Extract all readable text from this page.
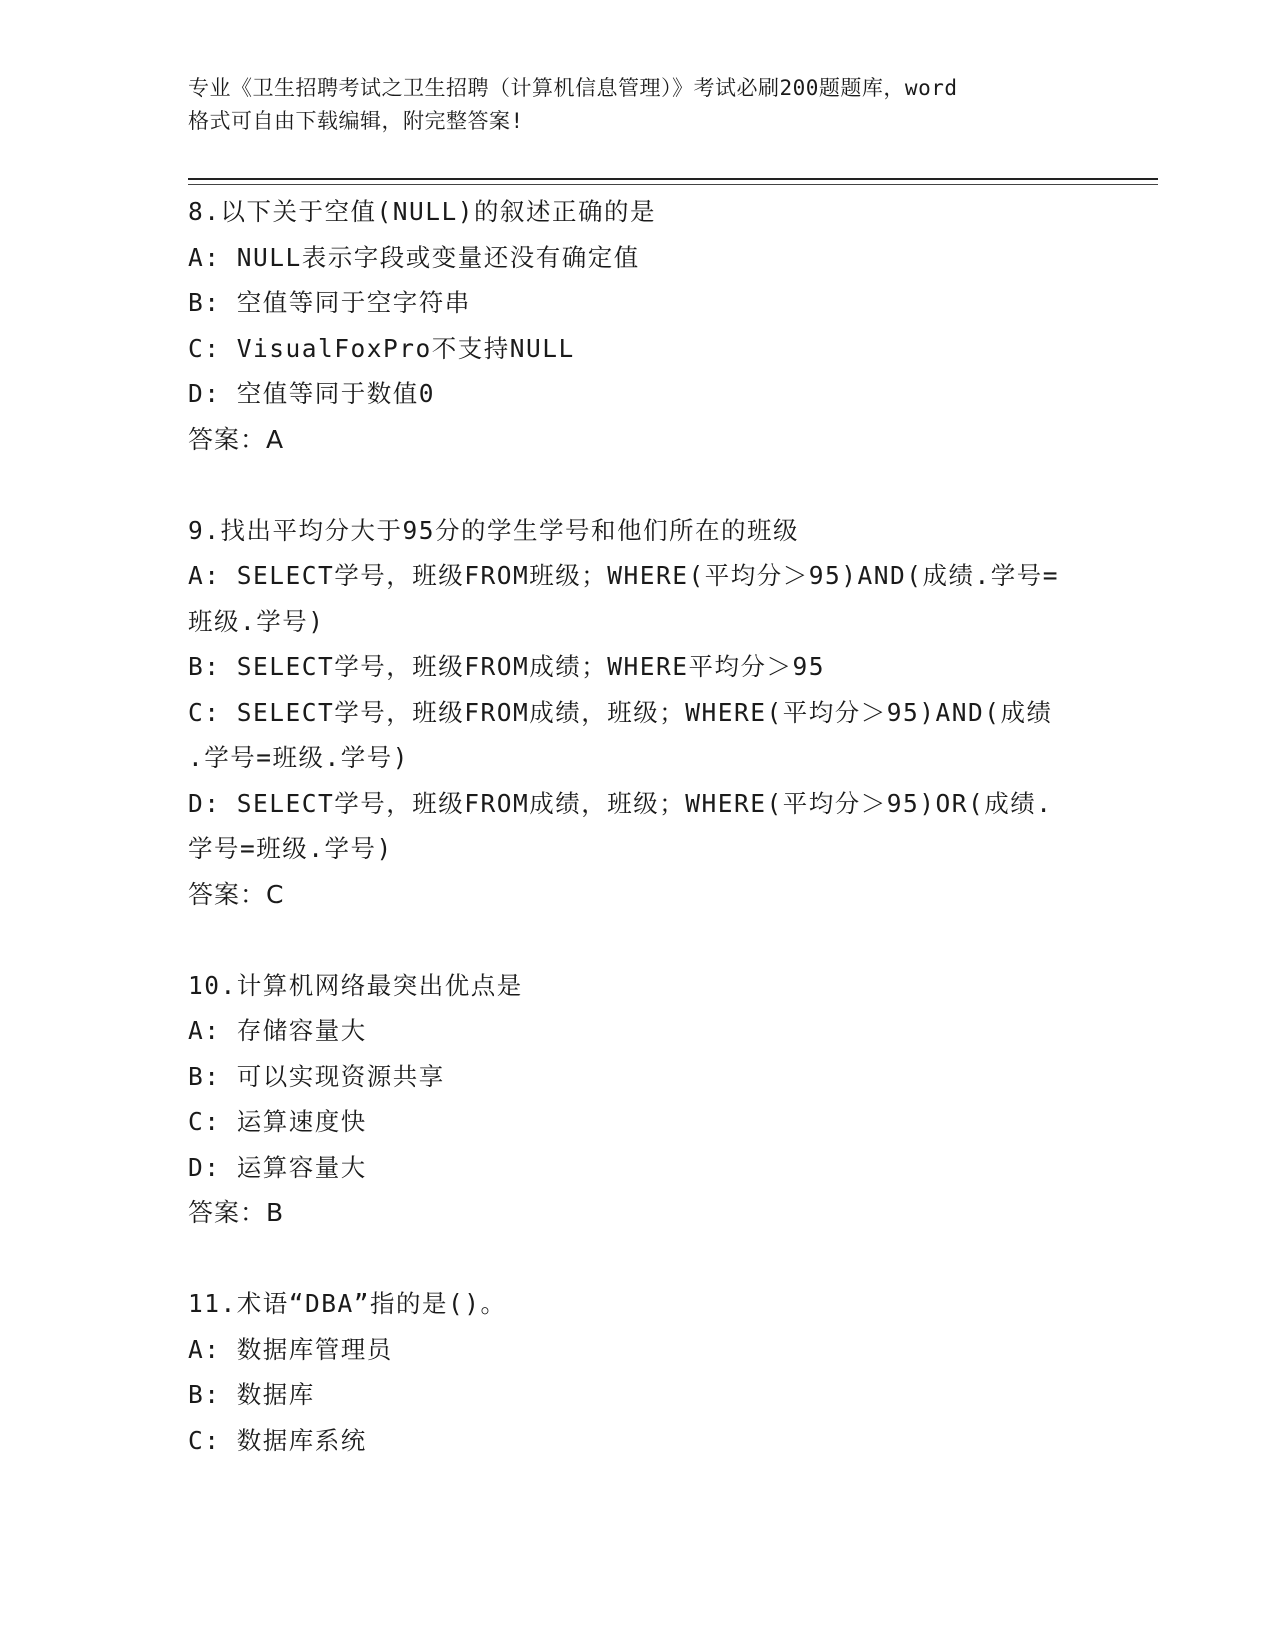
专业《卫生招聘考试之卫生招聘（计算机信息管理）》考试必刷200题题库，word
格式可自由下载编辑，附完整答案!
8.以下关于空值(NULL)的叙述正确的是
A: NULL表示字段或变量还没有确定值
B: 空值等同于空字符串
C: VisualFoxPro不支持NULL
D: 空值等同于数值0
答案：A
9.找出平均分大于95分的学生学号和他们所在的班级
A: SELECT学号，班级FROM班级；WHERE(平均分＞95)AND(成绩.学号=
班级.学号)
B: SELECT学号，班级FROM成绩；WHERE平均分＞95
C: SELECT学号，班级FROM成绩，班级；WHERE(平均分＞95)AND(成绩
.学号=班级.学号)
D: SELECT学号，班级FROM成绩，班级；WHERE(平均分＞95)OR(成绩.
学号=班级.学号)
答案：C
10.计算机网络最突出优点是
A: 存储容量大
B: 可以实现资源共享
C: 运算速度快
D: 运算容量大
答案：B
11.术语“DBA”指的是()。
A: 数据库管理员
B: 数据库
C: 数据库系统
